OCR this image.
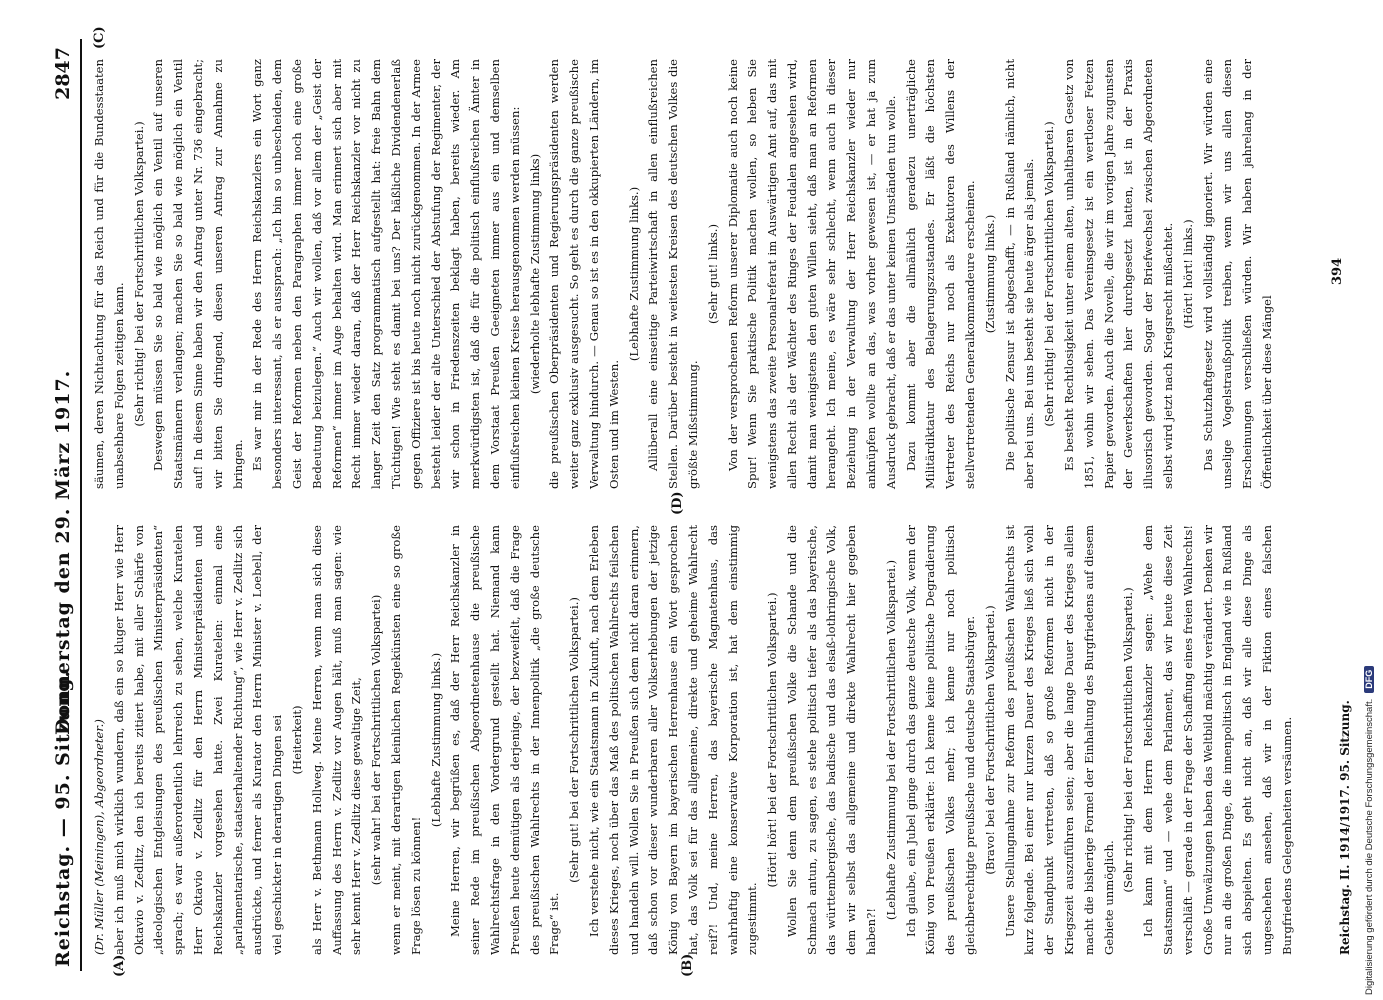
Reichstag. — 95. Sitzung.
Donnerstag den 29. März 1917.
2847
(A)	(B)
(C)
(D)

(Dr. Müller (Meiningen), Abgeordneter.) aber ich muß mich wirklich wundern, daß ein so kluger Herr wie Herr Oktavio v. Zedlitz, den ich bereits zitiert habe, mit aller Schärfe von „ideologischen Entgleisungen des preußischen Ministerpräsidenten“ sprach; es war außerordentlich lehrreich zu sehen, welche Kuratelen Herr Oktavio v. Zedlitz für den Herrn Ministerpräsidenten und Reichskanzler vorgesehen hatte. Zwei Kuratelen: einmal eine „parlamentarische, staatserhaltender Richtung“, wie Herr v. Zedlitz sich ausdrückte, und ferner als Kurator den Herrn Minister v. Loebell, der viel geschickter in derartigen Dingen sei (Heiterkeit) als Herr v. Bethmann Hollweg. Meine Herren, wenn man sich diese Auffassung des Herrn v. Zedlitz vor Augen hält, muß man sagen: wie sehr kennt Herr v. Zedlitz diese gewaltige Zeit, (sehr wahr! bei der Fortschrittlichen Volkspartei) wenn er meint, mit derartigen kleinlichen Regiekünsten eine so große Frage lösen zu können!

(Lebhafte Zustimmung links.) Meine Herren, wir begrüßen es, daß der Herr Reichskanzler in seiner Rede im preußischen Abgeordnetenhause die preußische Wahlrechtsfrage in den Vordergrund gestellt hat. Niemand kann Preußen heute demütigen als derjenige, der bezweifelt, daß die Frage des preußischen Wahlrechts in der Innenpolitik „die große deutsche Frage“ ist.

(Sehr gut! bei der Fortschrittlichen Volkspartei.) Ich verstehe nicht, wie ein Staatsmann in Zukunft, nach dem Erleben dieses Krieges, noch über das Maß des politischen Wahlrechts feilschen und handeln will. Wollen Sie in Preußen sich dem nicht daran erinnern, daß schon vor dieser wunderbaren aller Volkserhebungen der jetzige König von Bayern im bayerischen Herrenhause ein Wort gesprochen hat, das Volk sei für das allgemeine, direkte und geheime Wahlrecht reif?! Und, meine Herren, das bayerische Magnatenhaus, das wahrhaftig eine konservative Korporation ist, hat dem einstimmig zugestimmt.

(Hört! hört! bei der Fortschrittlichen Volkspartei.) Wollen Sie denn dem preußischen Volke die Schande und die Schmach antun, zu sagen, es stehe politisch tiefer als das bayerische, das württembergische, das badische und das elsaß-lothringische Volk, dem wir selbst das allgemeine und direkte Wahlrecht hier gegeben haben?!

(Lebhafte Zustimmung bei der Fortschrittlichen Volkspartei.) Ich glaube, ein Jubel ginge durch das ganze deutsche Volk, wenn der König von Preußen erklärte: Ich kenne keine politische Degradierung des preußischen Volkes mehr; ich kenne nur noch politisch gleichberechtigte preußische und deutsche Staatsbürger. (Bravo! bei der Fortschrittlichen Volkspartei.) Unsere Stellungnahme zur Reform des preußischen Wahlrechts ist kurz folgende. Bei einer nur kurzen Dauer des Krieges ließ sich wohl der Standpunkt vertreten, daß so große Reformen nicht in der Kriegszeit auszuführen seien; aber die lange Dauer des Krieges allein macht die bisherige Formel der Einhaltung des Burgfriedens auf diesem Gebiete unmöglich.

(Sehr richtig! bei der Fortschrittlichen Volkspartei.) Ich kann mit dem Herrn Reichskanzler sagen: „Wehe dem Staatsmann“ und — wehe dem Parlament, das wir heute diese Zeit verschläft — gerade in der Frage der Schaffung eines freien Wahlrechts! Große Umwälzungen haben das Weltbild mächtig verändert. Denken wir nur an die großen Dinge, die innenpolitisch in England wie in Rußland sich abspielten. Es geht nicht an, daß wir alle diese Dinge als ungeschehen ansehen, daß wir in der Fiktion eines falschen Burgfriedens Gelegenheiten versäumen.

säumen, deren Nichtachtung für das Reich und für die Bundesstaaten unabsehbare Folgen zeitigen kann. (Sehr richtig! bei der Fortschrittlichen Volkspartei.) Deswegen müssen Sie so bald wie möglich ein Ventil auf unseren Staatsmännern verlangen; machen Sie so bald wie möglich ein Ventil auf! In diesem Sinne haben wir den Antrag unter Nr. 736 eingebracht; wir bitten Sie dringend, diesen unseren Antrag zur Annahme zu bringen. Es war mir in der Rede des Herrn Reichskanzlers ein Wort ganz besonders interessant, als er aussprach: „Ich bin so unbescheiden, dem Geist der Reformen neben den Paragraphen immer noch eine große Bedeutung beizulegen.“ Auch wir wollen, daß vor allem der „Geist der Reformen“ immer im Auge behalten wird. Man erinnert sich aber mit Recht immer wieder daran, daß der Herr Reichskanzler vor nicht zu langer Zeit den Satz programmatisch aufgestellt hat: freie Bahn dem Tüchtigen! Wie steht es damit bei uns? Der häßliche Dividendenerlaß gegen Offiziere ist bis heute noch nicht zurückgenommen. In der Armee besteht leider der alte Unterschied der Abstufung der Regimenter, der wir schon in Friedenszeiten beklagt haben, bereits wieder. Am merkwürdigsten ist, daß die für die politisch einflußreichen Ämter in dem Vorstaat Preußen Geeigneten immer aus ein und demselben einflußreichen kleinen Kreise herausgenommen werden müssen: (wiederholte lebhafte Zustimmung links) die preußischen Oberpräsidenten und Regierungspräsidenten werden weiter ganz exklusiv ausgesucht. So geht es durch die ganze preußische Verwaltung hindurch. — Genau so ist es in den okkupierten Ländern, im Osten und im Westen.

(Lebhafte Zustimmung links.) Allüberall eine einseitige Parteiwirtschaft in allen einflußreichen Stellen. Darüber besteht in weitesten Kreisen des deutschen Volkes die größte Mißstimmung.

(Sehr gut! links.) Von der versprochenen Reform unserer Diplomatie auch noch keine Spur! Wenn Sie praktische Politik machen wollen, so heben Sie wenigstens das zweite Personalreferat im Auswärtigen Amt auf, das mit allen Recht als der Wächter des Ringes der Feudalen angesehen wird, damit man wenigstens den guten Willen sieht, daß man an Reformen herangeht. Ich meine, es wäre sehr schlecht, wenn auch in dieser Beziehung in der Verwaltung der Herr Reichskanzler wieder nur anknüpfen wollte an das, was vorher gewesen ist, — er hat ja zum Ausdruck gebracht, daß er das unter keinen Umständen tun wolle. Dazu kommt aber die allmählich geradezu unerträgliche Militärdiktatur des Belagerungszustandes. Er läßt die höchsten Vertreter des Reichs nur noch als Exekutoren des Willens der stellvertretenden Generalkommandeure erscheinen. (Zustimmung links.) Die politische Zensur ist abgeschafft, — in Rußland nämlich, nicht aber bei uns. Bei uns besteht sie heute ärger als jemals. (Sehr richtig! bei der Fortschrittlichen Volkspartei.) Es besteht Rechtlosigkeit unter einem alten, unhaltbaren Gesetz von 1851, wohin wir sehen. Das Vereinsgesetz ist ein wertloser Fetzen Papier geworden. Auch die Novelle, die wir im vorigen Jahre zugunsten der Gewerkschaften hier durchgesetzt hatten, ist in der Praxis illusorisch geworden. Sogar der Briefwechsel zwischen Abgeordneten selbst wird jetzt nach Kriegsrecht mißachtet. (Hört! hört! links.) Das Schutzhaftgesetz wird vollständig ignoriert. Wir würden eine unselige Vogelstraußpolitik treiben, wenn wir uns allen diesen Erscheinungen verschließen würden. Wir haben jahrelang in der Öffentlichkeit über diese Mängel

Reichstag. II. 1914/1917. 95. Sitzung.
394
Digitalisierung gefördert durch die Deutsche Forschungsgemeinschaft.DFG
